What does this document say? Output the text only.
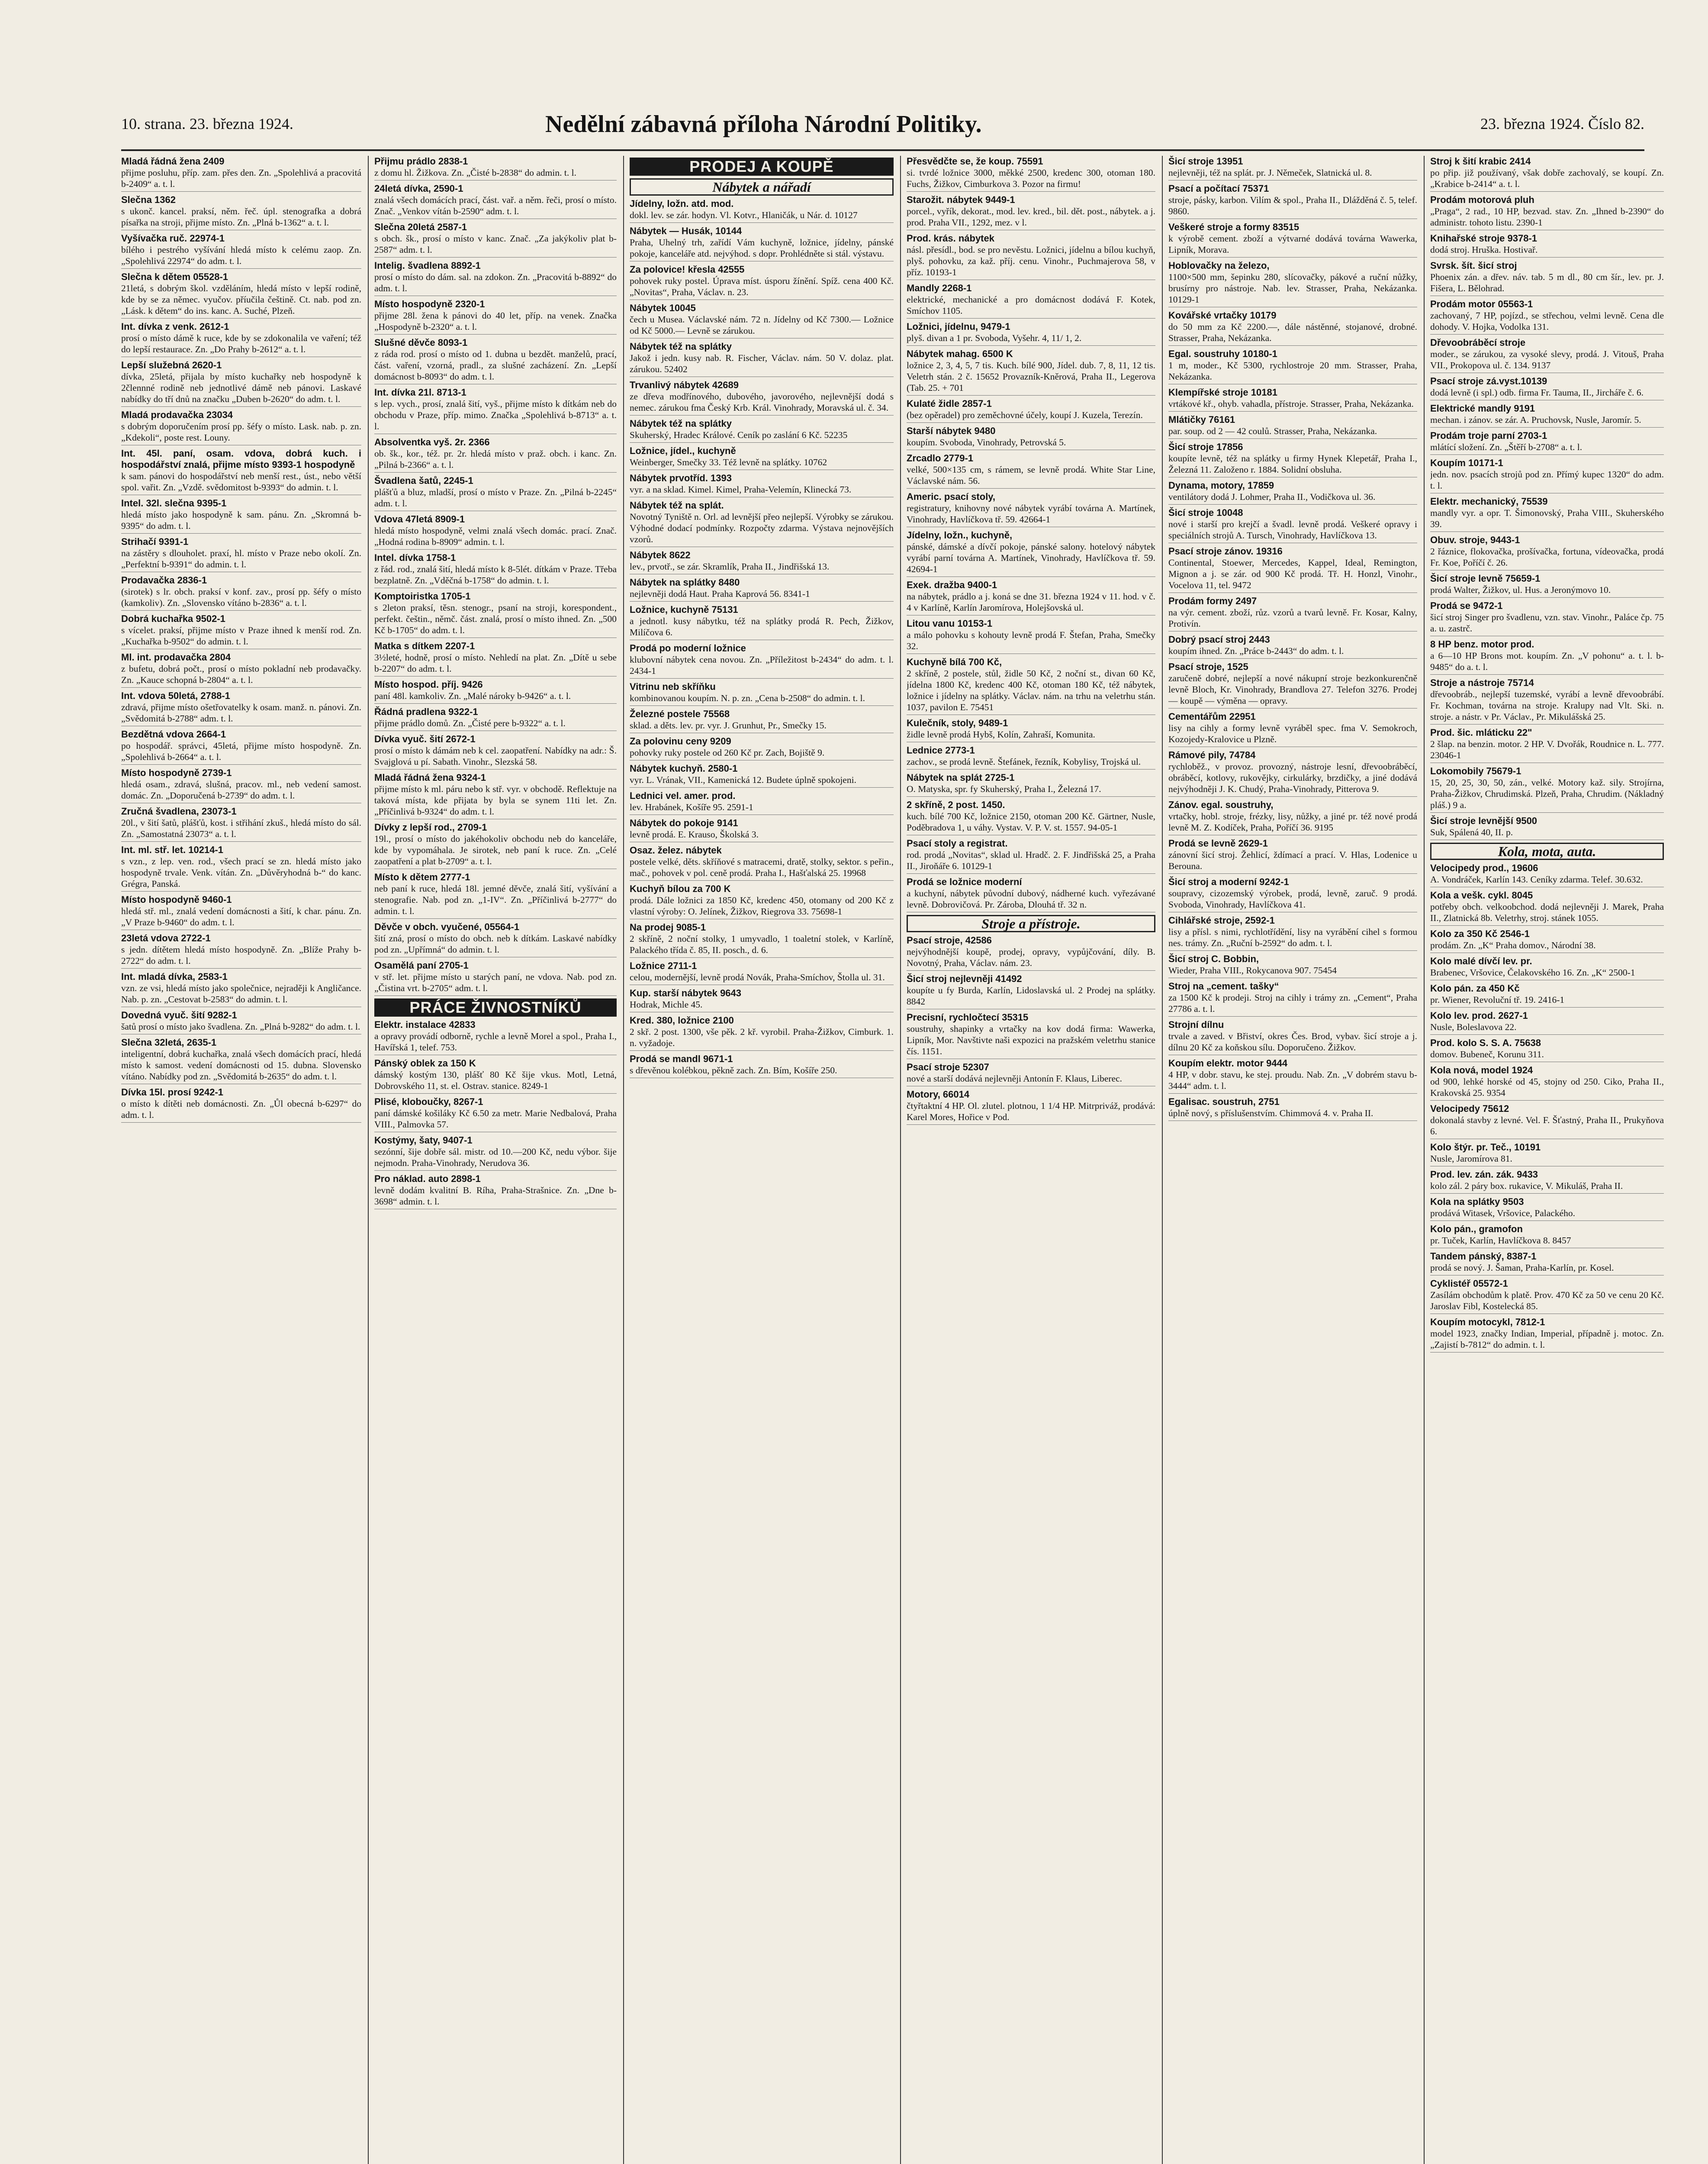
10. strana. 23. března 1924.	Nedělní zábavná příloha Národní Politiky.	23. března 1924. Číslo 82.
Mladá řádná žena 2409
přijme posluhu, příp. zam. přes den. Zn. „Spolehlivá a pracovitá b-2409“ a. t. l.
Slečna 1362
s ukonč. kancel. praksí, něm. řeč. úpl. stenografka a dobrá písařka na stroji, přijme místo. Zn. „Plná b-1362“ a. t. l.
Vyšívačka ruč. 22974-1
bílého i pestrého vyšívání hledá místo k celému zaop. Zn. „Spolehlivá 22974“ do adm. t. l.
Slečna k dětem 05528-1
21letá, s dobrým škol. vzděláním, hledá místo v lepší rodině, kde by se za němec. vyučov. příučila češtině. Ct. nab. pod zn. „Lásk. k dětem“ do ins. kanc. A. Suché, Plzeň.
Int. dívka z venk. 2612-1
prosí o místo dámě k ruce, kde by se zdokonalila ve vaření; též do lepší restaurace. Zn. „Do Prahy b-2612“ a. t. l.
Lepší služebná 2620-1
dívka, 25letá, přijala by místo kuchařky neb hospodyně k 2člennné rodině neb jednotlivé dámě neb pánovi. Laskavé nabídky do tří dnů na značku „Duben b-2620“ do adm. t. l.
Mladá prodavačka 23034
s dobrým doporučením prosí pp. šéfy o místo. Lask. nab. p. zn. „Kdekoli“, poste rest. Louny.
Int. 45l. paní, osam. vdova, dobrá kuch. i hospodářství znalá, přijme místo 9393-1 hospodyně
k sam. pánovi do hospodářství neb menší rest., úst., nebo větší spol. vařit. Zn. „Vzdě. svědomitost b-9393“ do admin. t. l.
Intel. 32l. slečna 9395-1
hledá místo jako hospodyně k sam. pánu. Zn. „Skromná b-9395“ do adm. t. l.
Strihačí 9391-1
na zástěry s dlouholet. praxí, hl. místo v Praze nebo okolí. Zn. „Perfektní b-9391“ do admin. t. l.
Prodavačka 2836-1
(sirotek) s lr. obch. praksí v konf. zav., prosí pp. šéfy o místo (kamkoliv). Zn. „Slovensko vítáno b-2836“ a. t. l.
Dobrá kuchařka 9502-1
s vícelet. praksí, přijme místo v Praze ihned k menší rod. Zn. „Kuchařka b-9502“ do admin. t. l.
Ml. int. prodavačka 2804
z bufetu, dobrá počt., prosí o místo pokladní neb prodavačky. Zn. „Kauce schopná b-2804“ a. t. l.
Int. vdova 50letá, 2788-1
zdravá, přijme místo ošetřovatelky k osam. manž. n. pánovi. Zn. „Svědomitá b-2788“ adm. t. l.
Bezdětná vdova 2664-1
po hospodář. správci, 45letá, přijme místo hospodyně. Zn. „Spolehlivá b-2664“ a. t. l.
Místo hospodyně 2739-1
hledá osam., zdravá, slušná, pracov. ml., neb vedení samost. domác. Zn. „Doporučená b-2739“ do adm. t. l.
Zručná švadlena, 23073-1
20l., v šití šatů, plášťů, kost. i střihání zkuš., hledá místo do sál. Zn. „Samostatná 23073“ a. t. l.
Int. ml. stř. let. 10214-1
s vzn., z lep. ven. rod., všech prací se zn. hledá místo jako hospodyně trvale. Venk. vítán. Zn. „Důvěryhodná b-“ do kanc. Grégra, Panská.
Místo hospodyně 9460-1
hledá stř. ml., znalá vedení domácnosti a šití, k char. pánu. Zn. „V Praze b-9460“ do adm. t. l.
23letá vdova 2722-1
s jedn. dítětem hledá místo hospodyně. Zn. „Blíže Prahy b-2722“ do adm. t. l.
Int. mladá dívka, 2583-1
vzn. ze vsi, hledá místo jako společnice, nejraději k Angličance. Nab. p. zn. „Cestovat b-2583“ do admin. t. l.
Dovedná vyuč. šití 9282-1
šatů prosí o místo jako švadlena. Zn. „Plná b-9282“ do adm. t. l.
Slečna 32letá, 2635-1
inteligentní, dobrá kuchařka, znalá všech domácích prací, hledá místo k samost. vedení domácnosti od 15. dubna. Slovensko vítáno. Nabídky pod zn. „Svědomitá b-2635“ do adm. t. l.
Dívka 15l. prosí 9242-1
o místo k dítěti neb domácnosti. Zn. „Ůl obecná b-6297“ do adm. t. l.
Přijmu prádlo 2838-1
z domu hl. Žižkova. Zn. „Čisté b-2838“ do admin. t. l.
24letá dívka, 2590-1
znalá všech domácích prací, část. vař. a něm. řeči, prosí o místo. Znač. „Venkov vítán b-2590“ adm. t. l.
Slečna 20letá 2587-1
s obch. šk., prosí o místo v kanc. Znač. „Za jakýkoliv plat b-2587“ adm. t. l.
Intelig. švadlena 8892-1
prosí o místo do dám. sal. na zdokon. Zn. „Pracovitá b-8892“ do adm. t. l.
Místo hospodyně 2320-1
přijme 28l. žena k pánovi do 40 let, příp. na venek. Značka „Hospodyně b-2320“ a. t. l.
Slušné děvče 8093-1
z ráda rod. prosí o místo od 1. dubna u bezdět. manželů, prací, část. vaření, vzorná, pradl., za slušné zacházení. Zn. „Lepší domácnost b-8093“ do adm. t. l.
Int. dívka 21l. 8713-1
s lep. vych., prosí, znalá šití, vyš., přijme místo k dítkám neb do obchodu v Praze, příp. mimo. Značka „Spolehlivá b-8713“ a. t. l.
Absolventka vyš. 2r. 2366
ob. šk., kor., též. pr. 2r. hledá místo v praž. obch. i kanc. Zn. „Pilná b-2366“ a. t. l.
Švadlena šatů, 2245-1
plášťů a bluz, mladší, prosí o místo v Praze. Zn. „Pilná b-2245“ adm. t. l.
Vdova 47letá 8909-1
hledá místo hospodyně, velmi znalá všech domác. prací. Znač. „Hodná rodina b-8909“ admin. t. l.
Intel. dívka 1758-1
z řád. rod., znalá šití, hledá místo k 8-5lét. dítkám v Praze. Třeba bezplatně. Zn. „Vděčná b-1758“ do admin. t. l.
Komptoiristka 1705-1
s 2leton praksí, těsn. stenogr., psaní na stroji, korespondent., perfekt. češtin., němč. část. znalá, prosí o místo ihned. Zn. „500 Kč b-1705“ do adm. t. l.
Matka s dítkem 2207-1
3½leté, hodně, prosí o místo. Nehledí na plat. Zn. „Dítě u sebe b-2207“ do adm. t. l.
Místo hospod. příj. 9426
paní 48l. kamkoliv. Zn. „Malé nároky b-9426“ a. t. l.
Řádná pradlena 9322-1
přijme prádlo domů. Zn. „Čisté pere b-9322“ a. t. l.
Dívka vyuč. šití 2672-1
prosí o místo k dámám neb k cel. zaopatření. Nabídky na adr.: Š. Svajglová u pí. Sabath. Vinohr., Slezská 58.
Mladá řádná žena 9324-1
přijme místo k ml. páru nebo k stř. vyr. v obchodě. Reflektuje na taková místa, kde přijata by byla se synem 11ti let. Zn. „Příčinlivá b-9324“ do adm. t. l.
Dívky z lepší rod., 2709-1
19l., prosí o místo do jakéhokoliv obchodu neb do kanceláře, kde by vypomáhala. Je sirotek, neb paní k ruce. Zn. „Celé zaopatření a plat b-2709“ a. t. l.
Místo k dětem 2777-1
neb paní k ruce, hledá 18l. jemné děvče, znalá šití, vyšívání a stenografie. Nab. pod zn. „1-IV“. Zn. „Příčinlivá b-2777“ do admin. t. l.
Děvče v obch. vyučené, 05564-1
šití zná, prosí o místo do obch. neb k dítkám. Laskavé nabídky pod zn. „Upřímná“ do admin. t. l.
Osamělá paní 2705-1
v stř. let. přijme místo u starých paní, ne vdova. Nab. pod zn. „Čistina vrt. b-2705“ adm. t. l.
PRÁCE ŽIVNOSTNÍKŮ
Elektr. instalace 42833
a opravy provádí odborně, rychle a levně Morel a spol., Praha I., Havířská 1, telef. 753.
Pánský oblek za 150 K
dámský kostým 130, plášť 80 Kč šije vkus. Motl, Letná, Dobrovského 11, st. el. Ostrav. stanice. 8249-1
Plisé, kloboučky, 8267-1
paní dámské košiláky Kč 6.50 za metr. Marie Nedbalová, Praha VIII., Palmovka 57.
Kostýmy, šaty, 9407-1
sezónní, šije dobře sál. mistr. od 10.—200 Kč, nedu výbor. šije nejmodn. Praha-Vinohrady, Nerudova 36.
Pro náklad. auto 2898-1
levně dodám kvalitní B. Ríha, Praha-Strašnice. Zn. „Dne b-3698“ admin. t. l.
PRODEJ A KOUPĚ
Nábytek a nářadí
Jídelny, ložn. atd. mod.
dokl. lev. se zár. hodyn. Vl. Kotvr., Hlaničák, u Nár. d. 10127
Nábytek — Husák, 10144
Praha, Uhelný trh, zařídí Vám kuchyně, ložnice, jídelny, pánské pokoje, kanceláře atd. nejvýhod. s dopr. Prohlédněte si stál. výstavu.
Za polovice! křesla 42555
pohovek ruky postel. Úprava míst. úsporu žínění. Spíž. cena 400 Kč. „Novitas“, Praha, Václav. n. 23.
Nábytek 10045
čech u Musea. Václavské nám. 72 n. Jídelny od Kč 7300.— Ložnice od Kč 5000.— Levně se zárukou.
Nábytek též na splátky
Jakož i jedn. kusy nab. R. Fischer, Václav. nám. 50 V. dolaz. plat. zárukou. 52402
Trvanlivý nábytek 42689
ze dřeva modřínového, dubového, javorového, nejlevnější dodá s nemec. zárukou fma Český Krb. Král. Vinohrady, Moravská ul. č. 34.
Nábytek též na splátky
Skuherský, Hradec Králové. Ceník po zaslání 6 Kč. 52235
Ložnice, jídel., kuchyně
Weinberger, Smečky 33. Též levně na splátky. 10762
Nábytek prvotříd. 1393
vyr. a na sklad. Kimel. Kimel, Praha-Velemín, Klinecká 73.
Nábytek též na splát.
Novotný Tyniště n. Orl. ad levnější přeo nejlepší. Výrobky se zárukou. Výhodné dodací podmínky. Rozpočty zdarma. Výstava nejnovějších vzorů.
Nábytek 8622
lev., prvotř., se zár. Skramlík, Praha II., Jindřišská 13.
Nábytek na splátky 8480
nejlevněji dodá Haut. Praha Kaprová 56. 8341-1
Ložnice, kuchyně 75131
a jednotl. kusy nábytku, též na splátky prodá R. Pech, Žižkov, Milíčova 6.
Prodá po moderní ložnice
klubovní nábytek cena novou. Zn. „Příležitost b-2434“ do adm. t. l. 2434-1
Vitrinu neb skříňku
kombinovanou koupím. N. p. zn. „Cena b-2508“ do admin. t. l.
Železné postele 75568
sklad. a děts. lev. pr. vyr. J. Grunhut, Pr., Smečky 15.
Za polovinu ceny 9209
pohovky ruky postele od 260 Kč pr. Zach, Bojiště 9.
Nábytek kuchyň. 2580-1
vyr. L. Vrának, VII., Kamenická 12. Budete úplně spokojeni.
Lednici vel. amer. prod.
lev. Hrabánek, Košíře 95. 2591-1
Nábytek do pokoje 9141
levně prodá. E. Krauso, Školská 3.
Osaz. želez. nábytek
postele velké, děts. skříňové s matracemi, dratě, stolky, sektor. s peřin., mač., pohovek v pol. ceně prodá. Praha I., Hašťalská 25. 19968
Kuchyň bílou za 700 K
prodá. Dále ložnici za 1850 Kč, kredenc 450, otomany od 200 Kč z vlastní výroby: O. Jelínek, Žižkov, Riegrova 33. 75698-1
Na prodej 9085-1
2 skříně, 2 noční stolky, 1 umyvadlo, 1 toaletní stolek, v Karlíně, Palackého třída č. 85, II. posch., d. 6.
Ložnice 2711-1
celou, modernější, levně prodá Novák, Praha-Smíchov, Štolla ul. 31.
Kup. starší nábytek 9643
Hodrak, Michle 45.
Kred. 380, ložnice 2100
2 skř. 2 post. 1300, vše pěk. 2 kř. vyrobil. Praha-Žižkov, Cimburk. 1. n. vyžadoje.
Prodá se mandl 9671-1
s dřevěnou kolébkou, pěkně zach. Zn. Bím, Košíře 250.
Přesvědčte se, že koup. 75591
si. tvrdé ložnice 3000, měkké 2500, kredenc 300, otoman 180. Fuchs, Žižkov, Cimburkova 3. Pozor na firmu!
Starožit. nábytek 9449-1
porcel., vyřík, dekorat., mod. lev. kred., bil. dět. post., nábytek. a j. prod. Praha VII., 1292, mez. v l.
Prod. krás. nábytek
násl. přesídl., bod. se pro nevěstu. Ložnici, jídelnu a bílou kuchyň, plyš. pohovku, za kaž. příj. cenu. Vinohr., Puchmajerova 58, v příz. 10193-1
Mandly 2268-1
elektrické, mechanické a pro domácnost dodává F. Kotek, Smíchov 1105.
Ložnici, jídelnu, 9479-1
plyš. divan a 1 pr. Svoboda, Vyšehr. 4, 11/ 1, 2.
Nábytek mahag. 6500 K
ložnice 2, 3, 4, 5, 7 tis. Kuch. bílé 900, Jídel. dub. 7, 8, 11, 12 tis. Veletrh stán. 2 č. 15652 Provazník-Kněrová, Praha II., Legerova (Tab. 25. + 701
Kulaté židle 2857-1
(bez opěradel) pro zeměchovné účely, koupí J. Kuzela, Terezín.
Starší nábytek 9480
koupím. Svoboda, Vinohrady, Petrovská 5.
Zrcadlo 2779-1
velké, 500×135 cm, s rámem, se levně prodá. White Star Line, Václavské nám. 56.
Americ. psací stoly,
registratury, knihovny nové nábytek vyrábí továrna A. Martínek, Vinohrady, Havlíčkova tř. 59. 42664-1
Jídelny, ložn., kuchyně,
pánské, dámské a dívčí pokoje, pánské salony. hotelový nábytek vyrábí parní továrna A. Martínek, Vinohrady, Havlíčkova tř. 59. 42694-1
Exek. dražba 9400-1
na nábytek, prádlo a j. koná se dne 31. března 1924 v 11. hod. v č. 4 v Karlíně, Karlín Jaromírova, Holejšovská ul.
Litou vanu 10153-1
a málo pohovku s kohouty levně prodá F. Štefan, Praha, Smečky 32.
Kuchyně bílá 700 Kč,
2 skříně, 2 postele, stůl, židle 50 Kč, 2 noční st., divan 60 Kč, jídelna 1800 Kč, kredenc 400 Kč, otoman 180 Kč, též nábytek, ložnice i jídelny na splátky. Václav. nám. na trhu na veletrhu stán. 1037, pavilon E. 75451
Kulečník, stoly, 9489-1
židle levně prodá Hybš, Kolín, Zahraší, Komunita.
Lednice 2773-1
zachov., se prodá levně. Štefánek, řezník, Kobylisy, Trojská ul.
Nábytek na splát 2725-1
O. Matyska, spr. fy Skuherský, Praha I., Železná 17.
2 skříně, 2 post. 1450.
kuch. bílé 700 Kč, ložnice 2150, otoman 200 Kč. Gärtner, Nusle, Poděbradova 1, u váhy. Vystav. V. P. V. st. 1557. 94-05-1
Psací stoly a registrat.
rod. prodá „Novitas“, sklad ul. Hradč. 2. F. Jindřišská 25, a Praha II., Jiroňáře 6. 10129-1
Prodá se ložnice moderní
a kuchyní, nábytek původní dubový, nádherné kuch. vyřezávané levně. Dobrovičová. Pr. Zároba, Dlouhá tř. 32 n.
Stroje a přístroje.
Psací stroje, 42586
nejvýhodnější koupě, prodej, opravy, vypůjčování, díly. B. Novotný, Praha, Václav. nám. 23.
Šicí stroj nejlevněji 41492
koupíte u fy Burda, Karlín, Lidoslavská ul. 2 Prodej na splátky. 8842
Precisní, rychločtecí 35315
soustruhy, shapinky a vrtačky na kov dodá firma: Wawerka, Lipník, Mor. Navštivte naši expozici na pražském veletrhu stanice čís. 1151.
Psací stroje 52307
nové a starší dodává nejlevněji Antonín F. Klaus, Liberec.
Motory, 66014
čtyřtaktní 4 HP. Ol. zlutel. plotnou, 1 1/4 HP. Mitrpriváž, prodává: Karel Mores, Hořice v Pod.
Šicí stroje 13951
nejlevněji, též na splát. pr. J. Němeček, Slatnická ul. 8.
Psací a počítací 75371
stroje, pásky, karbon. Vilím & spol., Praha II., Dlážděná č. 5, telef. 9860.
Veškeré stroje a formy 83515
k výrobě cement. zboží a výtvarné dodává továrna Wawerka, Lipník, Morava.
Hoblovačky na železo,
1100×500 mm, šepinku 280, slícovačky, pákové a ruční nůžky, brusírny pro nástroje. Nab. lev. Strasser, Praha, Nekázanka. 10129-1
Kovářské vrtačky 10179
do 50 mm za Kč 2200.—, dále nástěnné, stojanové, drobné. Strasser, Praha, Nekázanka.
Egal. soustruhy 10180-1
1 m, moder., Kč 5300, rychlostroje 20 mm. Strasser, Praha, Nekázanka.
Klempířské stroje 10181
vrtákové kř., ohyb. vahadla, přístroje. Strasser, Praha, Nekázanka.
Mlátičky 76161
par. soup. od 2 — 42 coulů. Strasser, Praha, Nekázanka.
Šicí stroje 17856
koupíte levně, též na splátky u firmy Hynek Klepetář, Praha I., Železná 11. Založeno r. 1884. Solidní obsluha.
Dynama, motory, 17859
ventilátory dodá J. Lohmer, Praha II., Vodičkova ul. 36.
Šicí stroje 10048
nové i starší pro krejčí a švadl. levně prodá. Veškeré opravy i speciálních strojů A. Tursch, Vinohrady, Havlíčkova 13.
Psací stroje zánov. 19316
Continental, Stoewer, Mercedes, Kappel, Ideal, Remington, Mignon a j. se zár. od 900 Kč prodá. Tř. H. Honzl, Vinohr., Vocelova 11, tel. 9472
Prodám formy 2497
na výr. cement. zboží, růz. vzorů a tvarů levně. Fr. Kosar, Kalny, Protivín.
Dobrý psací stroj 2443
koupím ihned. Zn. „Práce b-2443“ do adm. t. l.
Psací stroje, 1525
zaručeně dobré, nejlepší a nové nákupní stroje bezkonkurenčně levně Bloch, Kr. Vinohrady, Brandlova 27. Telefon 3276. Prodej — koupě — výměna — opravy.
Cementářům 22951
lisy na cihly a formy levně vyráběl spec. fma V. Semokroch, Kozojedy-Kralovice u Plzně.
Rámové pily, 74784
rychloběž., v provoz. provozný, nástroje lesní, dřevoobráběcí, obráběcí, kotlovy, rukovějky, cirkulárky, brzdičky, a jiné dodává nejvýhodněji J. K. Chudý, Praha-Vinohrady, Pitterova 9.
Zánov. egal. soustruhy,
vrtačky, hobl. stroje, frézky, lisy, nůžky, a jiné pr. též nové prodá levně M. Z. Kodíček, Praha, Poříčí 36. 9195
Prodá se levně 2629-1
zánovní šicí stroj. Žehlicí, ždímací a prací. V. Hlas, Lodenice u Berouna.
Šicí stroj a moderní 9242-1
soupravy, cizozemský výrobek, prodá, levně, zaruč. 9 prodá. Svoboda, Vinohrady, Havlíčkova 41.
Cihlářské stroje, 2592-1
lisy a přísl. s nimi, rychlotřídění, lisy na vyrábění cihel s formou nes. trámy. Zn. „Ruční b-2592“ do adm. t. l.
Šicí stroj C. Bobbin,
Wieder, Praha VIII., Rokycanova 907. 75454
Stroj na „cement. tašky“
za 1500 Kč k prodeji. Stroj na cihly i trámy zn. „Cement“, Praha 27786 a. t. l.
Strojní dílnu
trvale a zaved. v Břiství, okres Čes. Brod, vybav. šicí stroje a j. dílnu 20 Kč za koňskou sílu. Doporučeno. Žižkov.
Koupím elektr. motor 9444
4 HP, v dobr. stavu, ke stej. proudu. Nab. Zn. „V dobrém stavu b-3444“ adm. t. l.
Egalisac. soustruh, 2751
úplně nový, s příslušenstvím. Chimmová 4. v. Praha II.
Stroj k šití krabic 2414
po přip. již používaný, však dobře zachovalý, se koupí. Zn. „Krabice b-2414“ a. t. l.
Prodám motorová pluh
„Praga“, 2 rad., 10 HP, bezvad. stav. Zn. „Ihned b-2390“ do administr. tohoto listu. 2390-1
Knihařské stroje 9378-1
dodá stroj. Hruška. Hostivař.
Svrsk. šít. šicí stroj
Phoenix zán. a dřev. náv. tab. 5 m dl., 80 cm šír., lev. pr. J. Fišera, L. Bělohrad.
Prodám motor 05563-1
zachovaný, 7 HP, pojízd., se střechou, velmi levně. Cena dle dohody. V. Hojka, Vodolka 131.
Dřevoobráběcí stroje
moder., se zárukou, za vysoké slevy, prodá. J. Vitouš, Praha VII., Prokopova ul. č. 134. 9137
Psací stroje zá.vyst.10139
dodá levně (i spl.) odb. firma Fr. Tauma, II., Jircháře č. 6.
Elektrické mandly 9191
mechan. i zánov. se zár. A. Pruchovsk, Nusle, Jaromír. 5.
Prodám troje parní 2703-1
mlátící složení. Zn. „Štěří b-2708“ a. t. l.
Koupím 10171-1
jedn. nov. psacích strojů pod zn. Přímý kupec 1320“ do adm. t. l.
Elektr. mechanický, 75539
mandly vyr. a opr. T. Šimonovský, Praha VIII., Skuherského 39.
Obuv. stroje, 9443-1
2 řáznice, flokovačka, prošívačka, fortuna, vídeovačka, prodá Fr. Koe, Poříčí č. 26.
Šicí stroje levně 75659-1
prodá Walter, Žižkov, ul. Hus. a Jeronýmovo 10.
Prodá se 9472-1
šicí stroj Singer pro švadlenu, vzn. stav. Vinohr., Paláce čp. 75 a. u. zastrč.
8 HP benz. motor prod.
a 6—10 HP Brons mot. koupím. Zn. „V pohonu“ a. t. l. b-9485“ do a. t. l.
Stroje a nástroje 75714
dřevoobráb., nejlepší tuzemské, vyrábí a levně dřevoobrábí. Fr. Kochman, továrna na stroje. Kralupy nad Vlt. Ski. n. stroje. a nástr. v Pr. Václav., Pr. Mikulášská 25.
Prod. šic. mláticku 22"
2 šlap. na benzin. motor. 2 HP. V. Dvořák, Roudnice n. L. 777. 23046-1
Lokomobily 75679-1
15, 20, 25, 30, 50, zán., velké. Motory kaž. sily. Strojírna, Praha-Žižkov, Chrudimská. Plzeň, Praha, Chrudim. (Nákladný pláš.) 9 a.
Šicí stroje levnější 9500
Suk, Spálená 40, II. p.
Kola, mota, auta.
Velocipedy prod., 19606
A. Vondráček, Karlín 143. Ceníky zdarma. Telef. 30.632.
Kola a vešk. cykl. 8045
potřeby obch. velkoobchod. dodá nejlevněji J. Marek, Praha II., Zlatnická 8b. Veletrhy, stroj. stánek 1055.
Kolo za 350 Kč 2546-1
prodám. Zn. „K“ Praha domov., Národní 38.
Kolo malé dívčí lev. pr.
Brabenec, Vršovice, Čelakovského 16. Zn. „K“ 2500-1
Kolo pán. za 450 Kč
pr. Wiener, Revoluční tř. 19. 2416-1
Kolo lev. prod. 2627-1
Nusle, Boleslavova 22.
Prod. kolo S. S. A. 75638
domov. Bubeneč, Korunu 311.
Kola nová, model 1924
od 900, lehké horské od 45, stojny od 250. Ciko, Praha II., Krakovská 25. 9354
Velocipedy 75612
dokonalá stavby z levné. Vel. F. Šťastný, Praha II., Prukyňova 6.
Kolo štýr. pr. Teč., 10191
Nusle, Jaromírova 81.
Prod. lev. zán. zák. 9433
kolo zál. 2 páry box. rukavice, V. Mikuláš, Praha II.
Kola na splátky 9503
prodává Witasek, Vršovice, Palackého.
Kolo pán., gramofon
pr. Tuček, Karlín, Havlíčkova 8. 8457
Tandem pánský, 8387-1
prodá se nový. J. Šaman, Praha-Karlín, pr. Kosel.
Cyklistéř 05572-1
Zasílám obchodům k platě. Prov. 470 Kč za 50 ve cenu 20 Kč. Jaroslav Fibl, Kostelecká 85.
Koupím motocykl, 7812-1
model 1923, značky Indian, Imperial, případně j. motoc. Zn. „Zajistí b-7812“ do admin. t. l.
